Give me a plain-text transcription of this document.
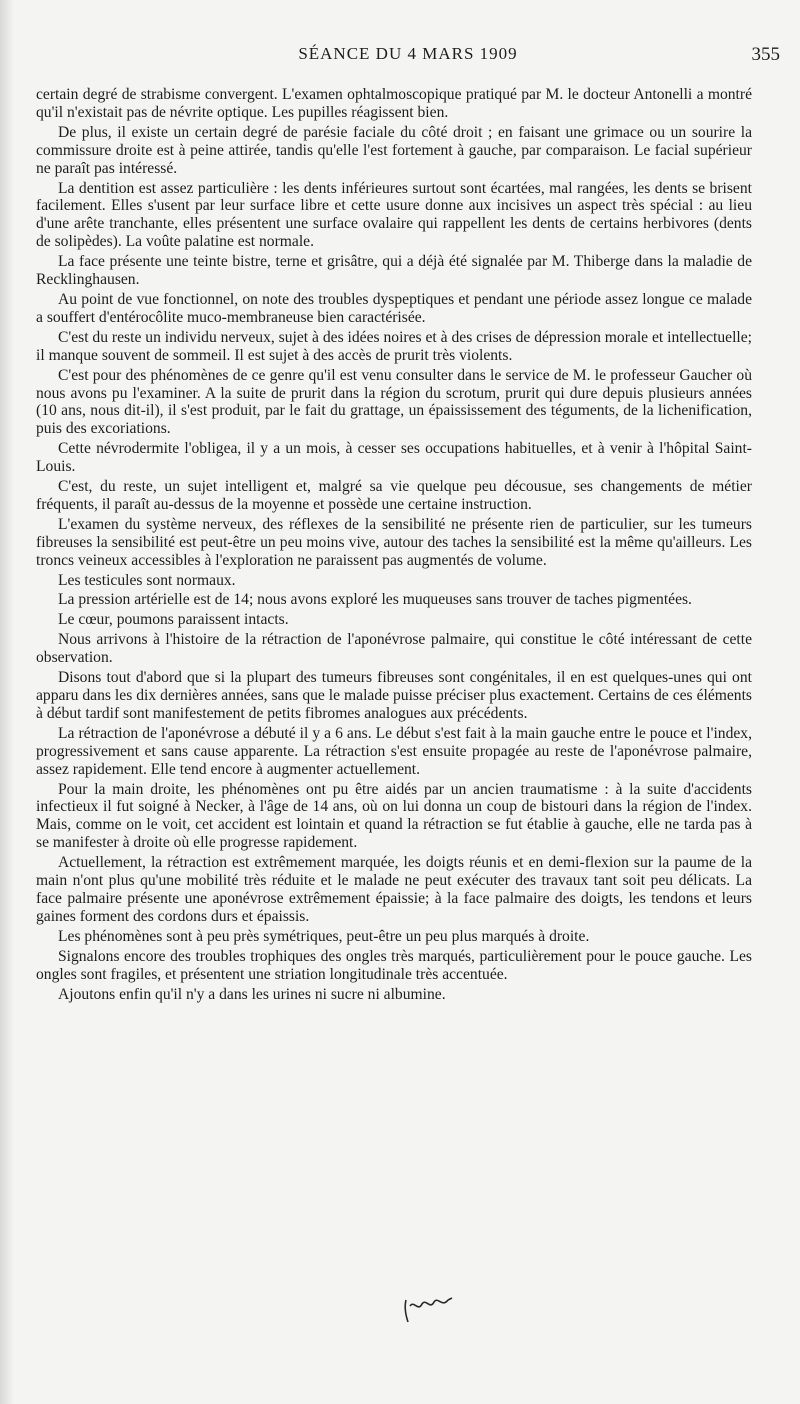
SÉANCE DU 4 MARS 1909	355

certain degré de strabisme convergent. L'examen ophtalmoscopique pratiqué par M. le docteur Antonelli a montré qu'il n'existait pas de névrite optique. Les pupilles réagissent bien.

De plus, il existe un certain degré de parésie faciale du côté droit ; en faisant une grimace ou un sourire la commissure droite est à peine attirée, tandis qu'elle l'est fortement à gauche, par comparaison. Le facial supérieur ne paraît pas intéressé.

La dentition est assez particulière : les dents inférieures surtout sont écartées, mal rangées, les dents se brisent facilement. Elles s'usent par leur surface libre et cette usure donne aux incisives un aspect très spécial : au lieu d'une arête tranchante, elles présentent une surface ovalaire qui rappellent les dents de certains herbivores (dents de solipèdes). La voûte palatine est normale.

La face présente une teinte bistre, terne et grisâtre, qui a déjà été signalée par M. Thiberge dans la maladie de Recklinghausen.

Au point de vue fonctionnel, on note des troubles dyspeptiques et pendant une période assez longue ce malade a souffert d'entérocôlite muco-membraneuse bien caractérisée.

C'est du reste un individu nerveux, sujet à des idées noires et à des crises de dépression morale et intellectuelle; il manque souvent de sommeil. Il est sujet à des accès de prurit très violents.

C'est pour des phénomènes de ce genre qu'il est venu consulter dans le service de M. le professeur Gaucher où nous avons pu l'examiner. A la suite de prurit dans la région du scrotum, prurit qui dure depuis plusieurs années (10 ans, nous dit-il), il s'est produit, par le fait du grattage, un épaississement des téguments, de la lichenification, puis des excoriations.

Cette névrodermite l'obligea, il y a un mois, à cesser ses occupations habituelles, et à venir à l'hôpital Saint-Louis.

C'est, du reste, un sujet intelligent et, malgré sa vie quelque peu décousue, ses changements de métier fréquents, il paraît au-dessus de la moyenne et possède une certaine instruction.

L'examen du système nerveux, des réflexes de la sensibilité ne présente rien de particulier, sur les tumeurs fibreuses la sensibilité est peut-être un peu moins vive, autour des taches la sensibilité est la même qu'ailleurs. Les troncs veineux accessibles à l'exploration ne paraissent pas augmentés de volume.

Les testicules sont normaux.

La pression artérielle est de 14; nous avons exploré les muqueuses sans trouver de taches pigmentées.

Le cœur, poumons paraissent intacts.

Nous arrivons à l'histoire de la rétraction de l'aponévrose palmaire, qui constitue le côté intéressant de cette observation.

Disons tout d'abord que si la plupart des tumeurs fibreuses sont congénitales, il en est quelques-unes qui ont apparu dans les dix dernières années, sans que le malade puisse préciser plus exactement. Certains de ces éléments à début tardif sont manifestement de petits fibromes analogues aux précédents.

La rétraction de l'aponévrose a débuté il y a 6 ans. Le début s'est fait à la main gauche entre le pouce et l'index, progressivement et sans cause apparente. La rétraction s'est ensuite propagée au reste de l'aponévrose palmaire, assez rapidement. Elle tend encore à augmenter actuellement.

Pour la main droite, les phénomènes ont pu être aidés par un ancien traumatisme : à la suite d'accidents infectieux il fut soigné à Necker, à l'âge de 14 ans, où on lui donna un coup de bistouri dans la région de l'index. Mais, comme on le voit, cet accident est lointain et quand la rétraction se fut établie à gauche, elle ne tarda pas à se manifester à droite où elle progresse rapidement.

Actuellement, la rétraction est extrêmement marquée, les doigts réunis et en demi-flexion sur la paume de la main n'ont plus qu'une mobilité très réduite et le malade ne peut exécuter des travaux tant soit peu délicats. La face palmaire présente une aponévrose extrêmement épaissie; à la face palmaire des doigts, les tendons et leurs gaines forment des cordons durs et épaissis.

Les phénomènes sont à peu près symétriques, peut-être un peu plus marqués à droite.

Signalons encore des troubles trophiques des ongles très marqués, particulièrement pour le pouce gauche. Les ongles sont fragiles, et présentent une striation longitudinale très accentuée.

Ajoutons enfin qu'il n'y a dans les urines ni sucre ni albumine.
